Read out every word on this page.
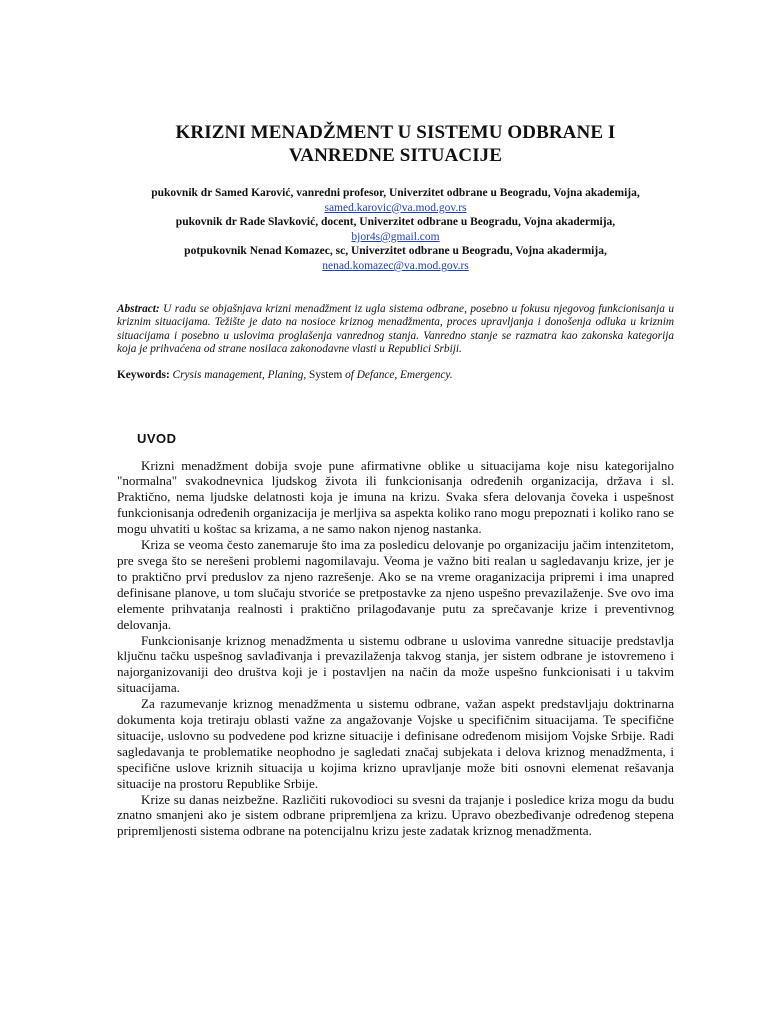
KRIZNI MENADŽMENT U SISTEMU ODBRANE I
VANREDNE SITUACIJE
pukovnik dr Samed Karović, vanredni profesor, Univerzitet odbrane u Beogradu, Vojna akademija,
samed.karovic@va.mod.gov.rs
pukovnik dr Rade Slavković, docent, Univerzitet odbrane u Beogradu, Vojna akadermija,
bjor4s@gmail.com
potpukovnik Nenad Komazec, sc, Univerzitet odbrane u Beogradu, Vojna akadermija,
nenad.komazec@va.mod.gov.rs
Abstract: U radu se objašnjava krizni menadžment iz ugla sistema odbrane, posebno u fokusu njegovog funkcionisanja u kriznim situacijama. Težište je dato na nosioce kriznog menadžmenta, proces upravljanja i donošenja odluka u kriznim situacijama i posebno u uslovima proglašenja vanrednog stanja. Vanredno stanje se razmatra kao zakonska kategorija koja je prihvaćena od strane nosilaca zakonodavne vlasti u Republici Srbiji.
Keywords: Crysis management, Planing, System of Defance, Emergency.
UVOD

Krizni menadžment dobija svoje pune afirmativne oblike u situacijama koje nisu kategorijalno "normalna" svakodnevnica ljudskog života ili funkcionisanja određenih organizacija, država i sl. Praktično, nema ljudske delatnosti koja je imuna na krizu. Svaka sfera delovanja čoveka i uspešnost funkcionisanja određenih organizacija je merljiva sa aspekta koliko rano mogu prepoznati i koliko rano se mogu uhvatiti u koštac sa krizama, a ne samo nakon njenog nastanka.

Kriza se veoma često zanemaruje što ima za posledicu delovanje po organizaciju jačim intenzitetom, pre svega što se nerešeni problemi nagomilavaju. Veoma je važno biti realan u sagledavanju krize, jer je to praktično prvi preduslov za njeno razrešenje. Ako se na vreme oraganizacija pripremi i ima unapred definisane planove, u tom slučaju stvoriće se pretpostavke za njeno uspešno prevazilaženje. Sve ovo ima elemente prihvatanja realnosti i praktično prilagođavanje putu za sprečavanje krize i preventivnog delovanja.

Funkcionisanje kriznog menadžmenta u sistemu odbrane u uslovima vanredne situacije predstavlja ključnu tačku uspešnog savlađivanja i prevazilaženja takvog stanja, jer sistem odbrane je istovremeno i najorganizovaniji deo društva koji je i postavljen na način da može uspešno funkcionisati i u takvim situacijama.

Za razumevanje kriznog menadžmenta u sistemu odbrane, važan aspekt predstavljaju doktrinarna dokumenta koja tretiraju oblasti važne za angažovanje Vojske u specifičnim situacijama. Te specifične situacije, uslovno su podvedene pod krizne situacije i definisane određenom misijom Vojske Srbije. Radi sagledavanja te problematike neophodno je sagledati značaj subjekata i delova kriznog menadžmenta, i specifične uslove kriznih situacija u kojima krizno upravljanje može biti osnovni elemenat rešavanja situacije na prostoru Republike Srbije.

Krize su danas neizbežne. Različiti rukovodioci su svesni da trajanje i posledice kriza mogu da budu znatno smanjeni ako je sistem odbrane pripremljena za krizu. Upravo obezbeđivanje određenog stepena pripremljenosti sistema odbrane na potencijalnu krizu jeste zadatak kriznog menadžmenta.
